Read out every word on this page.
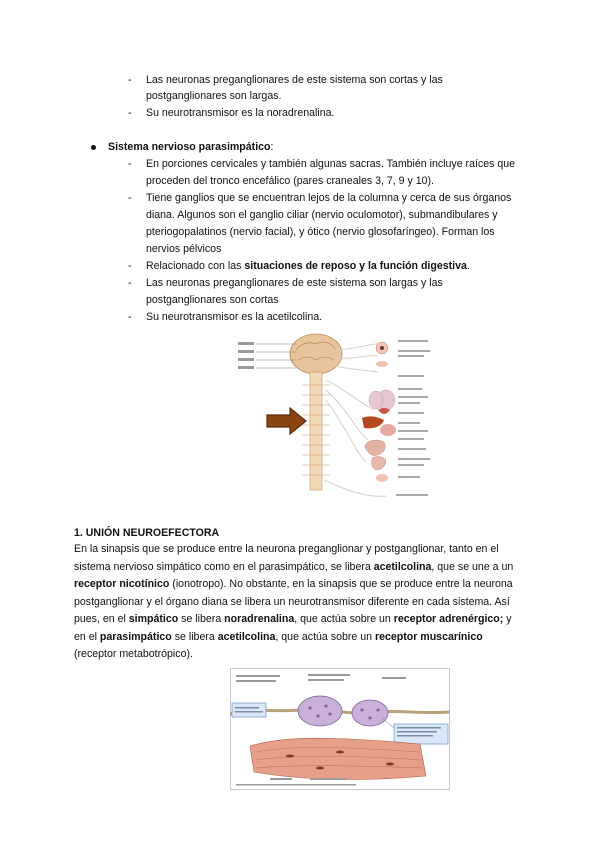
- Las neuronas preganglionares de este sistema son cortas y las
postganglionares son largas.
- Su neurotransmisor es la noradrenalina.
Sistema nervioso parasimpático:
- En porciones cervicales y también algunas sacras. También incluye raíces que
proceden del tronco encefálico (pares craneales 3, 7, 9 y 10).
- Tiene ganglios que se encuentran lejos de la columna y cerca de sus órganos
diana. Algunos son el ganglio ciliar (nervio oculomotor), submandibulares y
pteriogopalatinos (nervio facial), y ótico (nervio glosofaríngeo). Forman los
nervios pélvicos
- Relacionado con las situaciones de reposo y la función digestiva.
- Las neuronas preganglionares de este sistema son largas y las
postganglionares son cortas
- Su neurotransmisor es la acetilcolina.
1. UNIÓN NEUROEFECTORA
En la sinapsis que se produce entre la neurona preganglionar y postganglionar, tanto en el
sistema nervioso simpático como en el parasimpático, se libera acetilcolina, que se une a un
receptor nicotínico (ionotropo). No obstante, en la sinapsis que se produce entre la neurona
postganglionar y el órgano diana se libera un neurotransmisor diferente en cada sistema. Así
pues, en el simpático se libera noradrenalina, que actúa sobre un receptor adrenérgico; y
en el parasimpático se libera acetilcolina, que actúa sobre un receptor muscarínico
(receptor metabotrópico).
